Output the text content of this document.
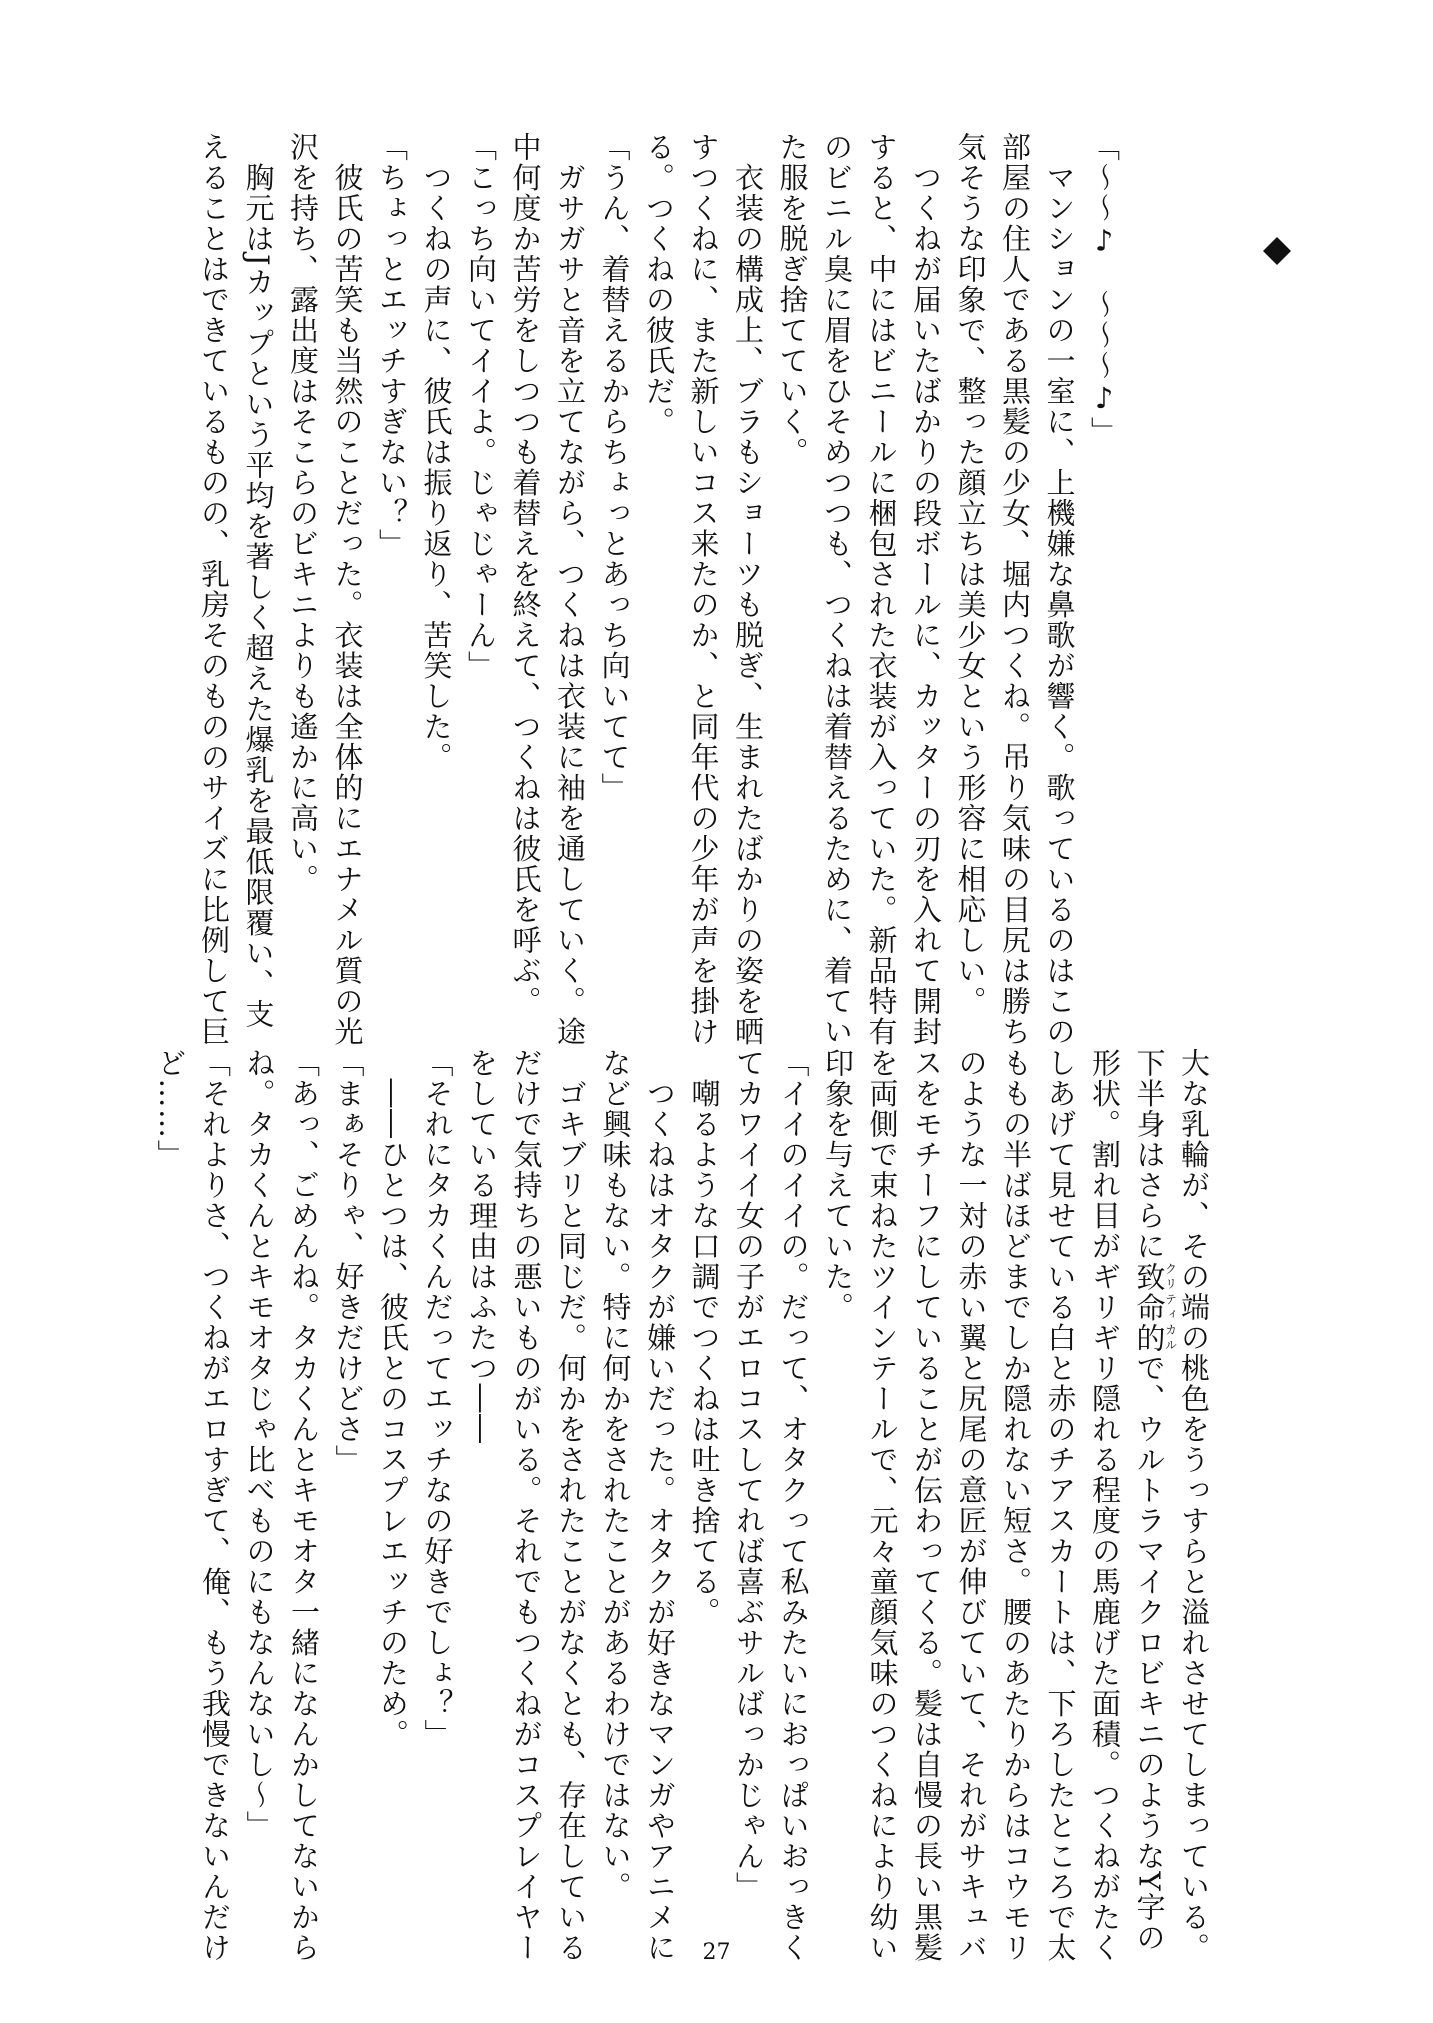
「〜〜♪　〜〜〜♪」
　マンションの一室に、上機嫌な鼻歌が響く。歌っているのはこの
部屋の住人である黒髪の少女、堀内つくね。吊り気味の目尻は勝ち
気そうな印象で、整った顔立ちは美少女という形容に相応しい。
　つくねが届いたばかりの段ボールに、カッターの刃を入れて開封
すると、中にはビニールに梱包された衣装が入っていた。新品特有
のビニル臭に眉をひそめつつも、つくねは着替えるために、着てい
た服を脱ぎ捨てていく。
　衣装の構成上、ブラもショーツも脱ぎ、生まれたばかりの姿を晒
すつくねに、また新しいコス来たのか、と同年代の少年が声を掛け
る。つくねの彼氏だ。
「うん、着替えるからちょっとあっち向いてて」
　ガサガサと音を立てながら、つくねは衣装に袖を通していく。途
中何度か苦労をしつつも着替えを終えて、つくねは彼氏を呼ぶ。
「こっち向いてイイよ。じゃじゃーん」
　つくねの声に、彼氏は振り返り、苦笑した。
「ちょっとエッチすぎない？」
　彼氏の苦笑も当然のことだった。衣装は全体的にエナメル質の光
沢を持ち、露出度はそこらのビキニよりも遙かに高い。
　胸元はJカップという平均を著しく超えた爆乳を最低限覆い、支
えることはできているものの、乳房そのもののサイズに比例して巨
大な乳輪が、その端の桃色をうっすらと溢れさせてしまっている。
下半身はさらに致命的クリティカルで、ウルトラマイクロビキニのようなY字の
形状。割れ目がギリギリ隠れる程度の馬鹿げた面積。つくねがたく
しあげて見せている白と赤のチアスカートは、下ろしたところで太
ももの半ばほどまでしか隠れない短さ。腰のあたりからはコウモリ
のような一対の赤い翼と尻尾の意匠が伸びていて、それがサキュバ
スをモチーフにしていることが伝わってくる。髪は自慢の長い黒髪
を両側で束ねたツインテールで、元々童顔気味のつくねにより幼い
印象を与えていた。
「イイのイイの。だって、オタクって私みたいにおっぱいおっきく
てカワイイ女の子がエロコスしてれば喜ぶサルばっかじゃん」
　嘲るような口調でつくねは吐き捨てる。
　つくねはオタクが嫌いだった。オタクが好きなマンガやアニメに
など興味もない。特に何かをされたことがあるわけではない。
　ゴキブリと同じだ。何かをされたことがなくとも、存在している
だけで気持ちの悪いものがいる。それでもつくねがコスプレイヤー
をしている理由はふたつ――
「それにタカくんだってエッチなの好きでしょ？」
　――ひとつは、彼氏とのコスプレエッチのため。
「まぁそりゃ、好きだけどさ」
「あっ、ごめんね。タカくんとキモオタ一緒になんかしてないから
ね。タカくんとキモオタじゃ比べものにもなんないし〜」
「それよりさ、つくねがエロすぎて、俺、もう我慢できないんだけ
ど……」
27
